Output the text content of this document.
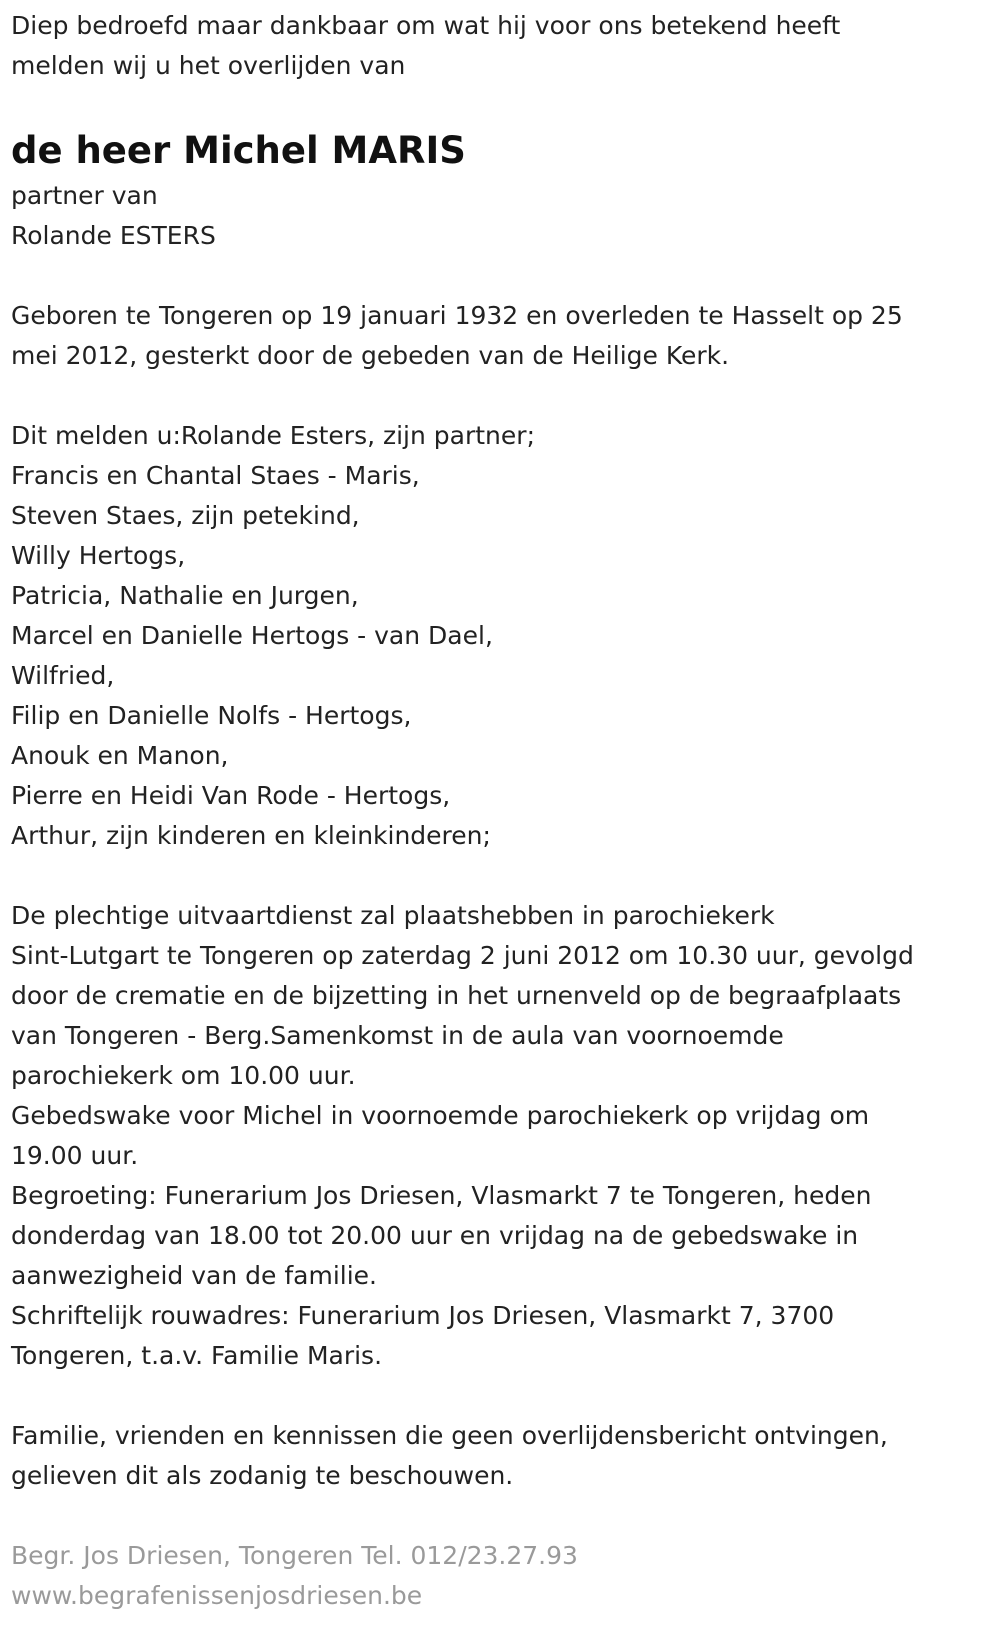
Diep bedroefd maar dankbaar om wat hij voor ons betekend heeft

melden wij u het overlijden van

de heer Michel MARIS

partner van

Rolande ESTERS

Geboren te Tongeren op 19 januari 1932 en overleden te Hasselt op 25

mei 2012, gesterkt door de gebeden van de Heilige Kerk.

Dit melden u:Rolande Esters, zijn partner;

Francis en Chantal Staes - Maris,

Steven Staes, zijn petekind,

Willy Hertogs,

Patricia, Nathalie en Jurgen,

Marcel en Danielle Hertogs - van Dael,

Wilfried,

Filip en Danielle Nolfs - Hertogs,

Anouk en Manon,

Pierre en Heidi Van Rode - Hertogs,

Arthur, zijn kinderen en kleinkinderen;

De plechtige uitvaartdienst zal plaatshebben in parochiekerk

Sint-Lutgart te Tongeren op zaterdag 2 juni 2012 om 10.30 uur, gevolgd

door de crematie en de bijzetting in het urnenveld op de begraafplaats

van Tongeren - Berg.Samenkomst in de aula van voornoemde

parochiekerk om 10.00 uur.

Gebedswake voor Michel in voornoemde parochiekerk op vrijdag om

19.00 uur.

Begroeting: Funerarium Jos Driesen, Vlasmarkt 7 te Tongeren, heden

donderdag van 18.00 tot 20.00 uur en vrijdag na de gebedswake in

aanwezigheid van de familie.

Schriftelijk rouwadres: Funerarium Jos Driesen, Vlasmarkt 7, 3700

Tongeren, t.a.v. Familie Maris.

Familie, vrienden en kennissen die geen overlijdensbericht ontvingen,

gelieven dit als zodanig te beschouwen.

Begr. Jos Driesen, Tongeren Tel. 012/23.27.93

www.begrafenissenjosdriesen.be
